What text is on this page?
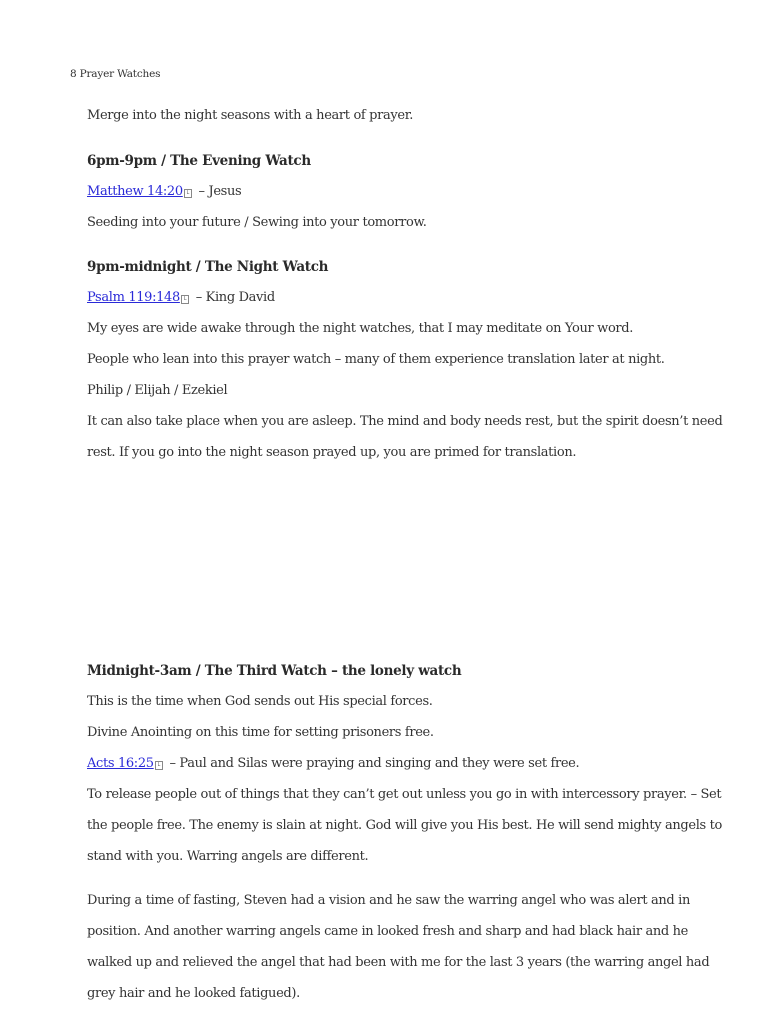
8 Prayer Watches
Merge into the night seasons with a heart of prayer.
6pm-9pm / The Evening Watch
Matthew 14:20 L – Jesus
Seeding into your future / Sewing into your tomorrow.
9pm-midnight / The Night Watch
Psalm 119:148 L – King David
My eyes are wide awake through the night watches, that I may meditate on Your word.
People who lean into this prayer watch – many of them experience translation later at night.
Philip / Elijah / Ezekiel
It can also take place when you are asleep. The mind and body needs rest, but the spirit doesn’t need
rest. If you go into the night season prayed up, you are primed for translation.
Midnight-3am / The Third Watch – the lonely watch
This is the time when God sends out His special forces.
Divine Anointing on this time for setting prisoners free.
Acts 16:25 L – Paul and Silas were praying and singing and they were set free.
To release people out of things that they can’t get out unless you go in with intercessory prayer. – Set
the people free. The enemy is slain at night. God will give you His best. He will send mighty angels to
stand with you. Warring angels are different.
During a time of fasting, Steven had a vision and he saw the warring angel who was alert and in
position. And another warring angels came in looked fresh and sharp and had black hair and he
walked up and relieved the angel that had been with me for the last 3 years (the warring angel had
grey hair and he looked fatigued).
